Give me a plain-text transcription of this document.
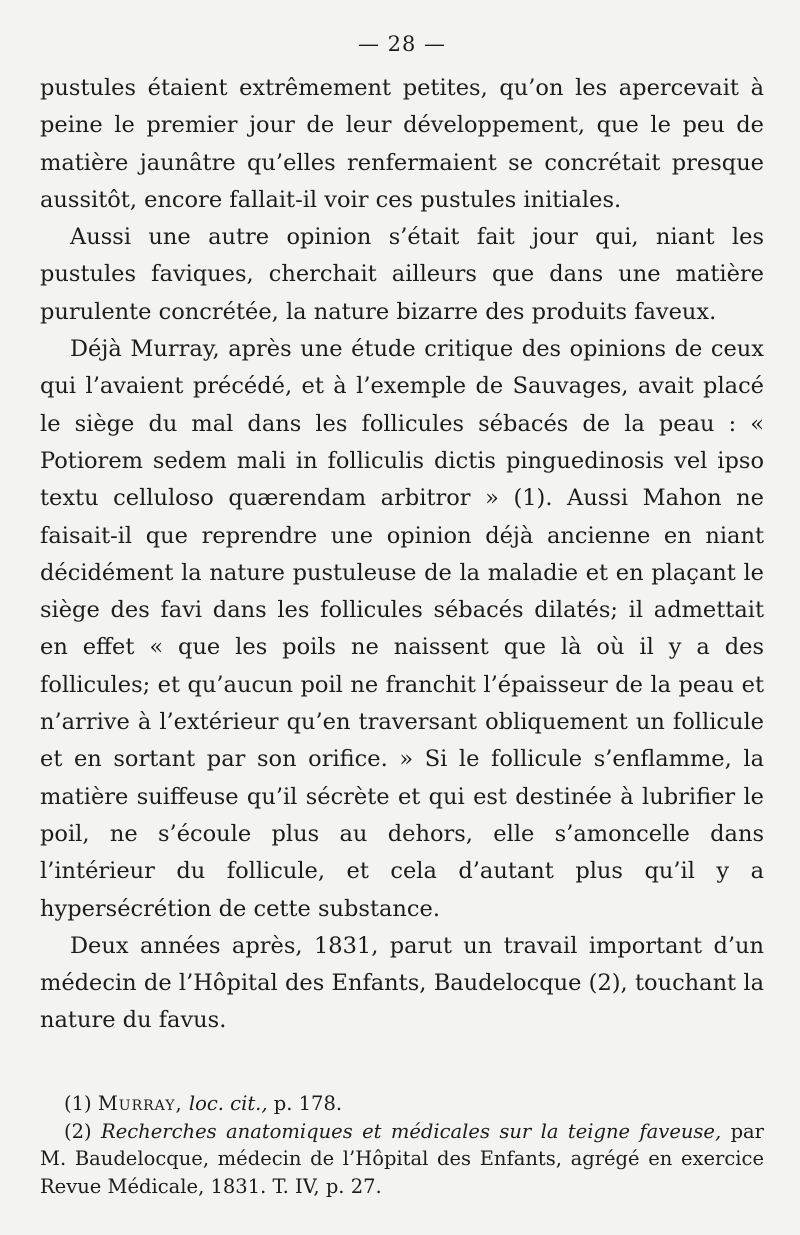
— 28 —

pustules étaient extrêmement petites, qu’on les apercevait à peine le premier jour de leur développement, que le peu de matière jaunâtre qu’elles renfermaient se concrétait presque aussitôt, encore fallait-il voir ces pustules initiales.

Aussi une autre opinion s’était fait jour qui, niant les pustules faviques, cherchait ailleurs que dans une matière purulente concrétée, la nature bizarre des produits faveux.

Déjà Murray, après une étude critique des opinions de ceux qui l’avaient précédé, et à l’exemple de Sauvages, avait placé le siège du mal dans les follicules sébacés de la peau : « Potiorem sedem mali in folliculis dictis pinguedinosis vel ipso textu celluloso quærendam arbitror » (1). Aussi Mahon ne faisait-il que reprendre une opinion déjà ancienne en niant décidément la nature pustuleuse de la maladie et en plaçant le siège des favi dans les follicules sébacés dilatés; il admettait en effet « que les poils ne naissent que là où il y a des follicules; et qu’aucun poil ne franchit l’épaisseur de la peau et n’arrive à l’extérieur qu’en traversant obliquement un follicule et en sortant par son orifice. » Si le follicule s’enflamme, la matière suiffeuse qu’il sécrète et qui est destinée à lubrifier le poil, ne s’écoule plus au dehors, elle s’amoncelle dans l’intérieur du follicule, et cela d’autant plus qu’il y a hypersécrétion de cette substance.

Deux années après, 1831, parut un travail important d’un médecin de l’Hôpital des Enfants, Baudelocque (2), touchant la nature du favus.

(1) Murray, loc. cit., p. 178.

(2) Recherches anatomiques et médicales sur la teigne faveuse, par M. Baudelocque, médecin de l’Hôpital des Enfants, agrégé en exercice Revue Médicale, 1831. T. IV, p. 27.
